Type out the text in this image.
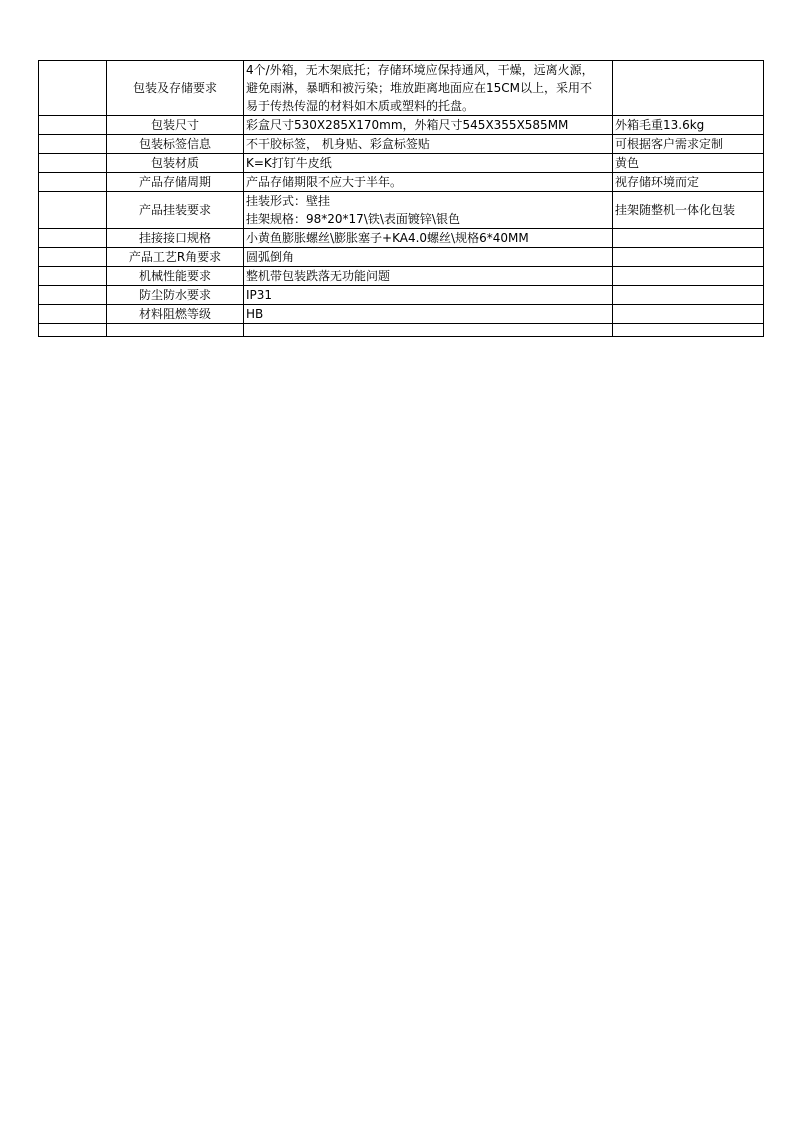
	包装及存储要求	4个/外箱，无木架底托；存储环境应保持通风，干燥，远离火源，
避免雨淋，暴晒和被污染；堆放距离地面应在15CM以上，采用不
易于传热传湿的材料如木质或塑料的托盘。	

	包装尺寸	彩盒尺寸530X285X170mm，外箱尺寸545X355X585MM	外箱毛重13.6kg
	包装标签信息	不干胶标签， 机身贴、彩盒标签贴	可根据客户需求定制
	包装材质	K=K打钉牛皮纸	黄色
	产品存储周期	产品存储期限不应大于半年。	视存储环境而定
	产品挂装要求	挂装形式：壁挂
挂架规格：98*20*17\铁\表面镀锌\银色	挂架随整机一体化包装
	挂接接口规格	小黄鱼膨胀螺丝\膨胀塞子+KA4.0螺丝\规格6*40MM	
	产品工艺R角要求	圆弧倒角	
	机械性能要求	整机带包装跌落无功能问题	
	防尘防水要求	IP31	
	材料阻燃等级	HB	
